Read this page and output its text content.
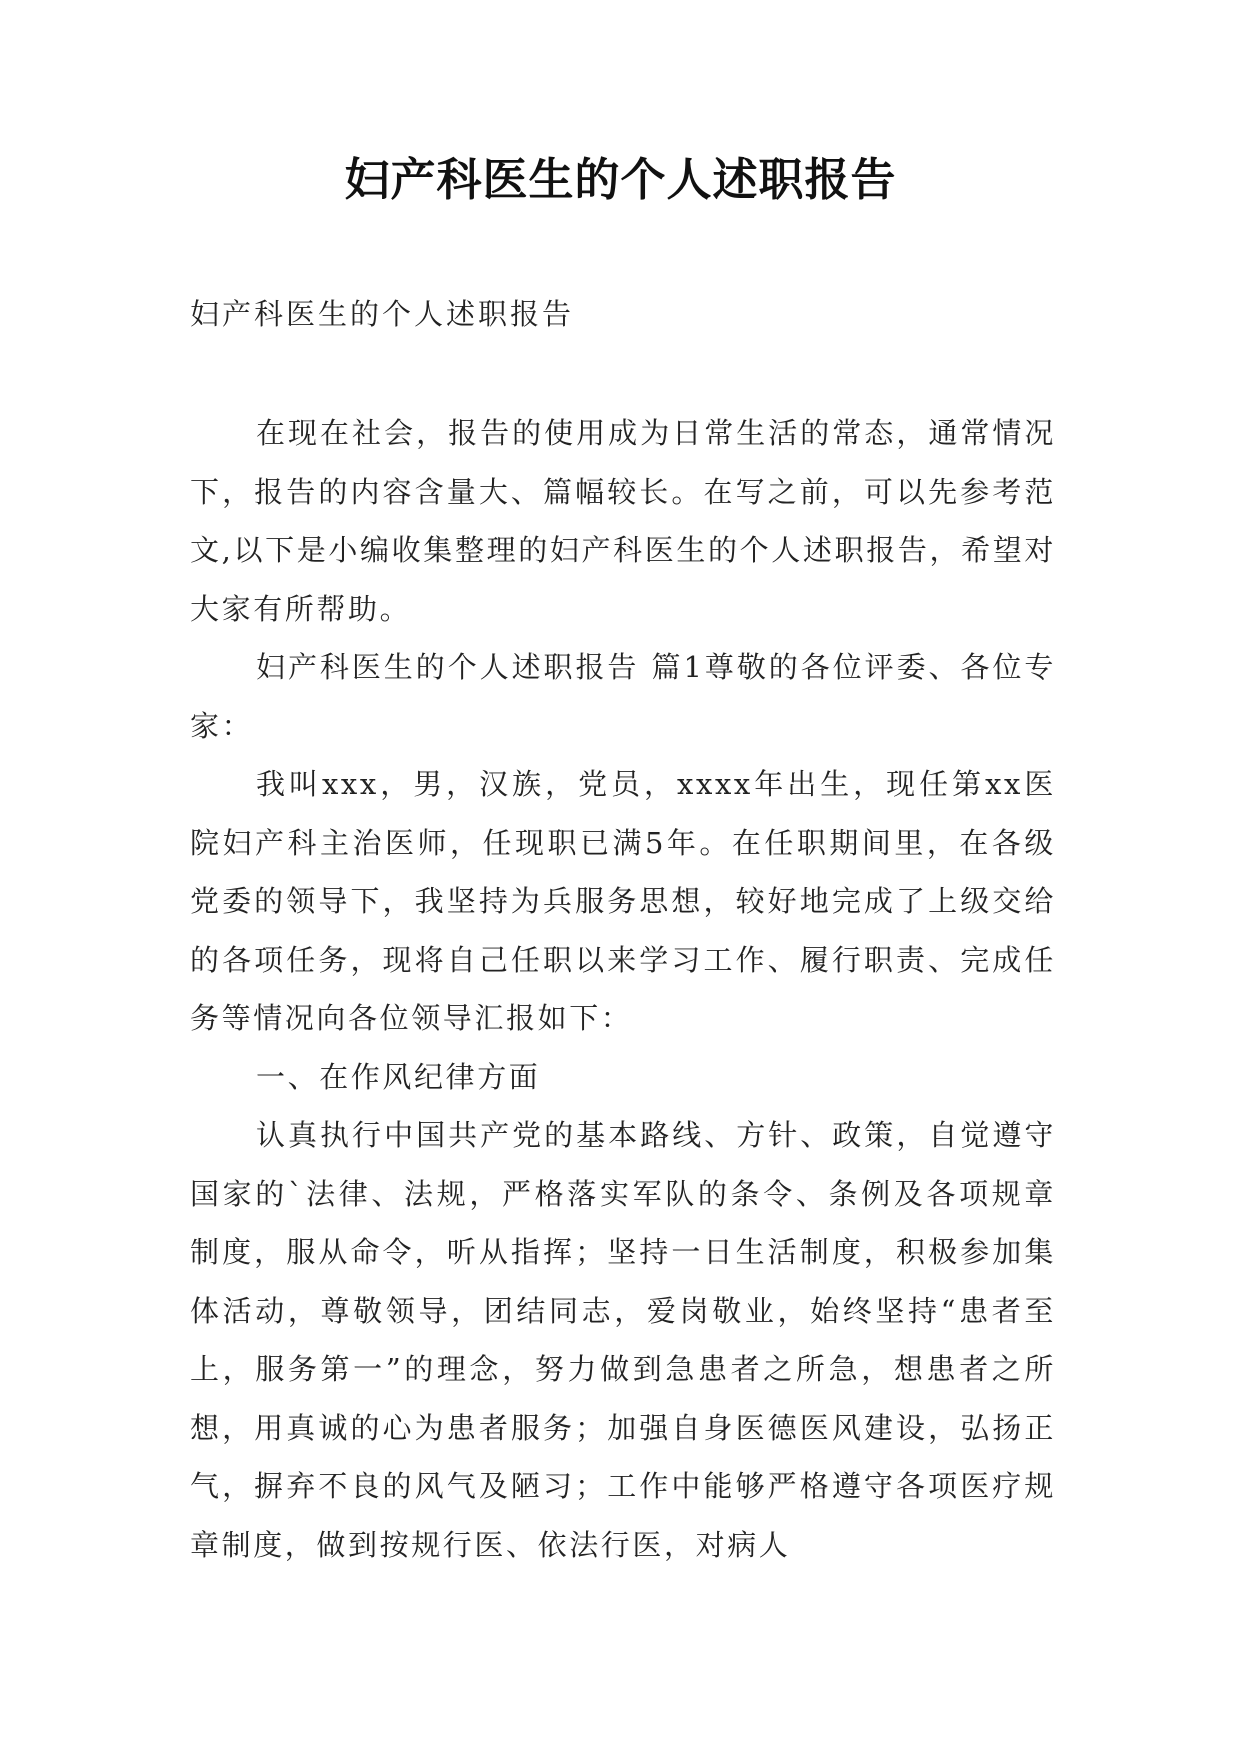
妇产科医生的个人述职报告

妇产科医生的个人述职报告

在现在社会，报告的使用成为日常生活的常态，通常情况下，报告的内容含量大、篇幅较长。在写之前，可以先参考范文,以下是小编收集整理的妇产科医生的个人述职报告，希望对大家有所帮助。

妇产科医生的个人述职报告 篇1尊敬的各位评委、各位专家：

我叫xxx，男，汉族，党员，xxxx年出生，现任第xx医院妇产科主治医师，任现职已满5年。在任职期间里，在各级党委的领导下，我坚持为兵服务思想，较好地完成了上级交给的各项任务，现将自己任职以来学习工作、履行职责、完成任务等情况向各位领导汇报如下：

一、在作风纪律方面

认真执行中国共产党的基本路线、方针、政策，自觉遵守国家的`法律、法规，严格落实军队的条令、条例及各项规章制度，服从命令，听从指挥；坚持一日生活制度，积极参加集体活动，尊敬领导，团结同志，爱岗敬业，始终坚持“患者至上，服务第一”的理念，努力做到急患者之所急，想患者之所想，用真诚的心为患者服务；加强自身医德医风建设，弘扬正气，摒弃不良的风气及陋习；工作中能够严格遵守各项医疗规章制度，做到按规行医、依法行医，对病人
